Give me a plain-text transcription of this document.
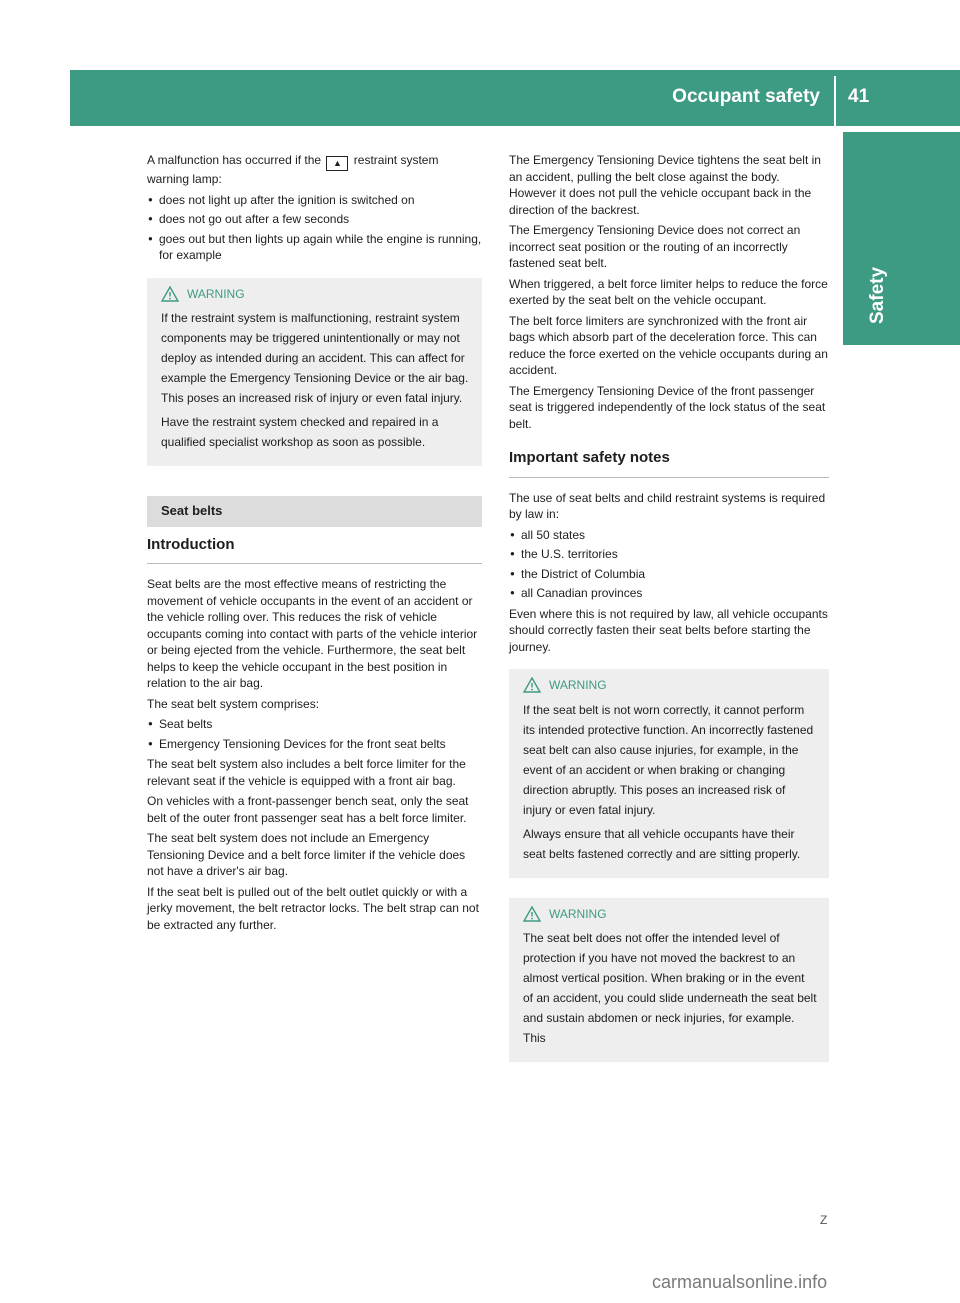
Occupant safety 41
Safety

A malfunction has occurred if the ▲ restraint system warning lamp:

● does not light up after the ignition is switched on
● does not go out after a few seconds
● goes out but then lights up again while the engine is running, for example
WARNING

If the restraint system is malfunctioning, restraint system components may be triggered unintentionally or may not deploy as intended during an accident. This can affect for example the Emergency Tensioning Device or the air bag. This poses an increased risk of injury or even fatal injury.

Have the restraint system checked and repaired in a qualified specialist workshop as soon as possible.

Seat belts
Introduction

Seat belts are the most effective means of restricting the movement of vehicle occupants in the event of an accident or the vehicle rolling over. This reduces the risk of vehicle occupants coming into contact with parts of the vehicle interior or being ejected from the vehicle. Furthermore, the seat belt helps to keep the vehicle occupant in the best position in relation to the air bag.

The seat belt system comprises:

● Seat belts
● Emergency Tensioning Devices for the front seat belts

The seat belt system also includes a belt force limiter for the relevant seat if the vehicle is equipped with a front air bag.

On vehicles with a front-passenger bench seat, only the seat belt of the outer front passenger seat has a belt force limiter.

The seat belt system does not include an Emergency Tensioning Device and a belt force limiter if the vehicle does not have a driver's air bag.

If the seat belt is pulled out of the belt outlet quickly or with a jerky movement, the belt retractor locks. The belt strap can not be extracted any further.

The Emergency Tensioning Device tightens the seat belt in an accident, pulling the belt close against the body. However it does not pull the vehicle occupant back in the direction of the backrest.

The Emergency Tensioning Device does not correct an incorrect seat position or the routing of an incorrectly fastened seat belt.

When triggered, a belt force limiter helps to reduce the force exerted by the seat belt on the vehicle occupant.

The belt force limiters are synchronized with the front air bags which absorb part of the deceleration force. This can reduce the force exerted on the vehicle occupants during an accident.

The Emergency Tensioning Device of the front passenger seat is triggered independently of the lock status of the seat belt.

Important safety notes

The use of seat belts and child restraint systems is required by law in:

● all 50 states
● the U.S. territories
● the District of Columbia
● all Canadian provinces

Even where this is not required by law, all vehicle occupants should correctly fasten their seat belts before starting the journey.

WARNING

If the seat belt is not worn correctly, it cannot perform its intended protective function. An incorrectly fastened seat belt can also cause injuries, for example, in the event of an accident or when braking or changing direction abruptly. This poses an increased risk of injury or even fatal injury.

Always ensure that all vehicle occupants have their seat belts fastened correctly and are sitting properly.

WARNING

The seat belt does not offer the intended level of protection if you have not moved the backrest to an almost vertical position. When braking or in the event of an accident, you could slide underneath the seat belt and sustain abdomen or neck injuries, for example. This

Z
carmanualsonline.info
